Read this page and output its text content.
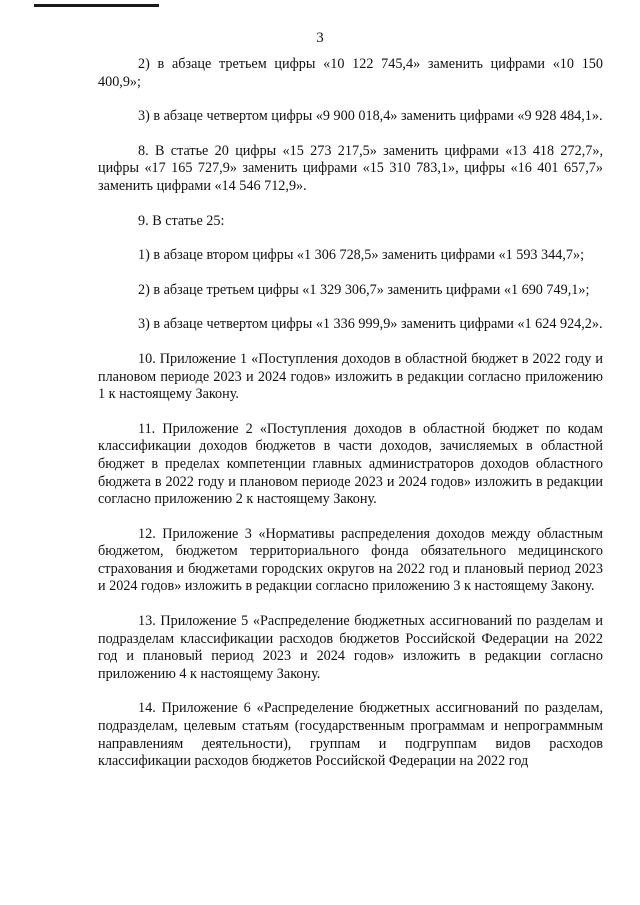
3

2) в абзаце третьем цифры «10 122 745,4» заменить цифрами «10 150 400,9»;

3) в абзаце четвертом цифры «9 900 018,4» заменить цифрами «9 928 484,1».

8. В статье 20 цифры «15 273 217,5» заменить цифрами «13 418 272,7», цифры «17 165 727,9» заменить цифрами «15 310 783,1», цифры «16 401 657,7» заменить цифрами «14 546 712,9».

9. В статье 25:

1) в абзаце втором цифры «1 306 728,5» заменить цифрами «1 593 344,7»;

2) в абзаце третьем цифры «1 329 306,7» заменить цифрами «1 690 749,1»;

3) в абзаце четвертом цифры «1 336 999,9» заменить цифрами «1 624 924,2».

10. Приложение 1 «Поступления доходов в областной бюджет в 2022 году и плановом периоде 2023 и 2024 годов» изложить в редакции согласно приложению 1 к настоящему Закону.

11. Приложение 2 «Поступления доходов в областной бюджет по кодам классификации доходов бюджетов в части доходов, зачисляемых в областной бюджет в пределах компетенции главных администраторов доходов областного бюджета в 2022 году и плановом периоде 2023 и 2024 годов» изложить в редакции согласно приложению 2 к настоящему Закону.

12. Приложение 3 «Нормативы распределения доходов между областным бюджетом, бюджетом территориального фонда обязательного медицинского страхования и бюджетами городских округов на 2022 год и плановый период 2023 и 2024 годов» изложить в редакции согласно приложению 3 к настоящему Закону.

13. Приложение 5 «Распределение бюджетных ассигнований по разделам и подразделам классификации расходов бюджетов Российской Федерации на 2022 год и плановый период 2023 и 2024 годов» изложить в редакции согласно приложению 4 к настоящему Закону.

14. Приложение 6 «Распределение бюджетных ассигнований по разделам, подразделам, целевым статьям (государственным программам и непрограммным направлениям деятельности), группам и подгруппам видов расходов классификации расходов бюджетов Российской Федерации на 2022 год
